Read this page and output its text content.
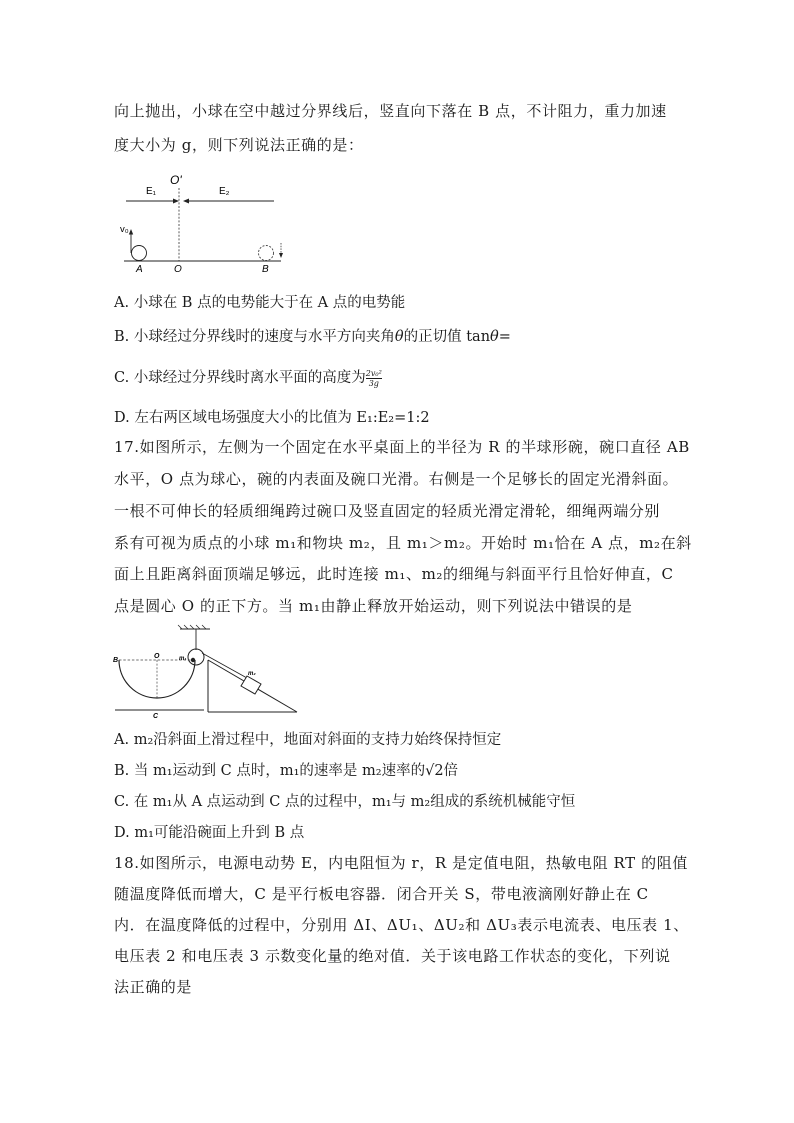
向上抛出，小球在空中越过分界线后，竖直向下落在 B 点，不计阻力，重力加速
度大小为 g，则下列说法正确的是：
E₁	E₂
O'
v₀
A	O	B
A. 小球在 B 点的电势能大于在 A 点的电势能
B. 小球经过分界线时的速度与水平方向夹角θ的正切值 tanθ=
C. 小球经过分界线时离水平面的高度为 $\frac{\text{2v₀²}}{3g}$
D. 左右两区域电场强度大小的比值为 E₁:E₂=1:2
17.如图所示，左侧为一个固定在水平桌面上的半径为 R 的半球形碗，碗口直径 AB
水平，O 点为球心，碗的内表面及碗口光滑。右侧是一个足够长的固定光滑斜面。
一根不可伸长的轻质细绳跨过碗口及竖直固定的轻质光滑定滑轮，细绳两端分别
系有可视为质点的小球 m₁和物块 m₂，且 m₁＞m₂。开始时 m₁恰在 A 点，m₂在斜
面上且距离斜面顶端足够远，此时连接 m₁、m₂的细绳与斜面平行且恰好伸直，C
点是圆心 O 的正下方。当 m₁由静止释放开始运动，则下列说法中错误的是
B
O
C
m₁
m₂
A. m₂沿斜面上滑过程中，地面对斜面的支持力始终保持恒定
B. 当 m₁运动到 C 点时，m₁的速率是 m₂速率的√2倍
C. 在 m₁从 A 点运动到 C 点的过程中，m₁与 m₂组成的系统机械能守恒
D. m₁可能沿碗面上升到 B 点
18.如图所示，电源电动势 E，内电阻恒为 r，R 是定值电阻，热敏电阻 RT 的阻值
随温度降低而增大，C 是平行板电容器．闭合开关 S，带电液滴刚好静止在 C
内．在温度降低的过程中，分别用 ΔI、ΔU₁、ΔU₂和 ΔU₃表示电流表、电压表 1、
电压表 2 和电压表 3 示数变化量的绝对值．关于该电路工作状态的变化，下列说
法正确的是
